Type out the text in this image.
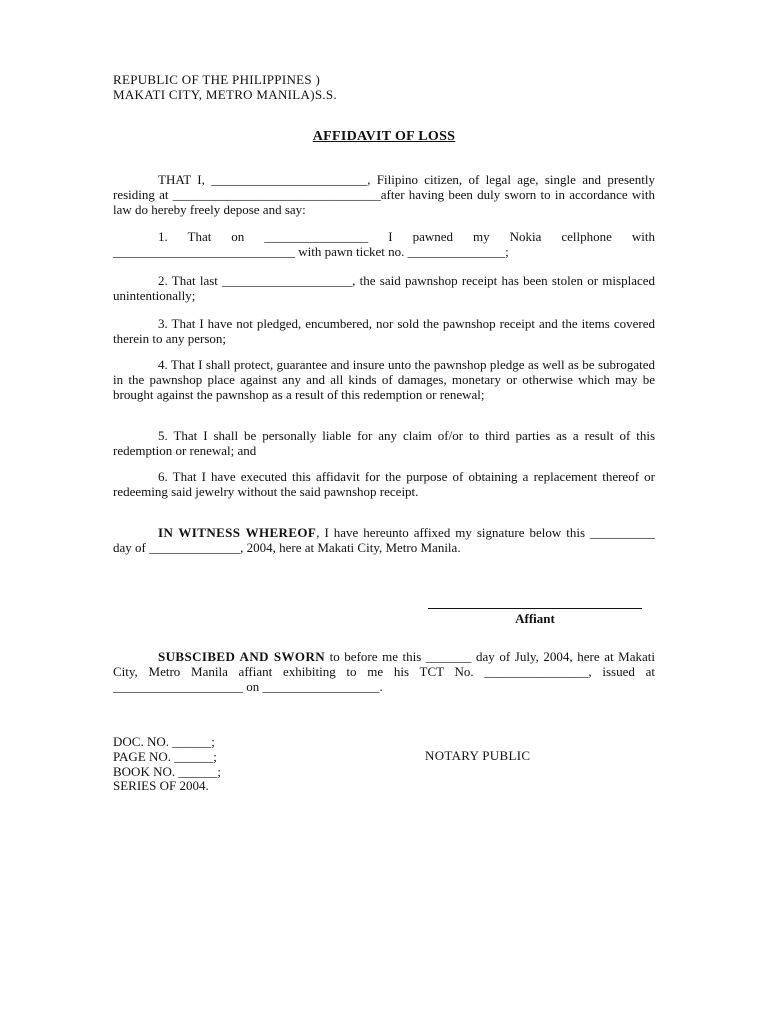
REPUBLIC OF THE PHILIPPINES )
MAKATI CITY, METRO MANILA)S.S.
AFFIDAVIT OF LOSS
THAT I, ________________________, Filipino citizen, of legal age, single and presently residing at ________________________________after having been duly sworn to in accordance with law do hereby freely depose and say:
1. That on ________________ I pawned my Nokia cellphone with ____________________________ with pawn ticket no. _______________;
2. That last ____________________, the said pawnshop receipt has been stolen or misplaced unintentionally;
3. That I have not pledged, encumbered, nor sold the pawnshop receipt and the items covered therein to any person;
4. That I shall protect, guarantee and insure unto the pawnshop pledge as well as be subrogated in the pawnshop place against any and all kinds of damages, monetary or otherwise which may be brought against the pawnshop as a result of this redemption or renewal;
5. That I shall be personally liable for any claim of/or to third parties as a result of this redemption or renewal; and
6. That I have executed this affidavit for the purpose of obtaining a replacement thereof or redeeming said jewelry without the said pawnshop receipt.
IN WITNESS WHEREOF, I have hereunto affixed my signature below this __________ day of ______________, 2004, here at Makati City, Metro Manila.
Affiant
SUBSCIBED AND SWORN to before me this _______ day of July, 2004, here at Makati City, Metro Manila affiant exhibiting to me his TCT No. ________________, issued at ____________________ on __________________.
DOC. NO. ______;
PAGE NO. ______;
BOOK NO. ______;
SERIES OF 2004.
NOTARY PUBLIC
